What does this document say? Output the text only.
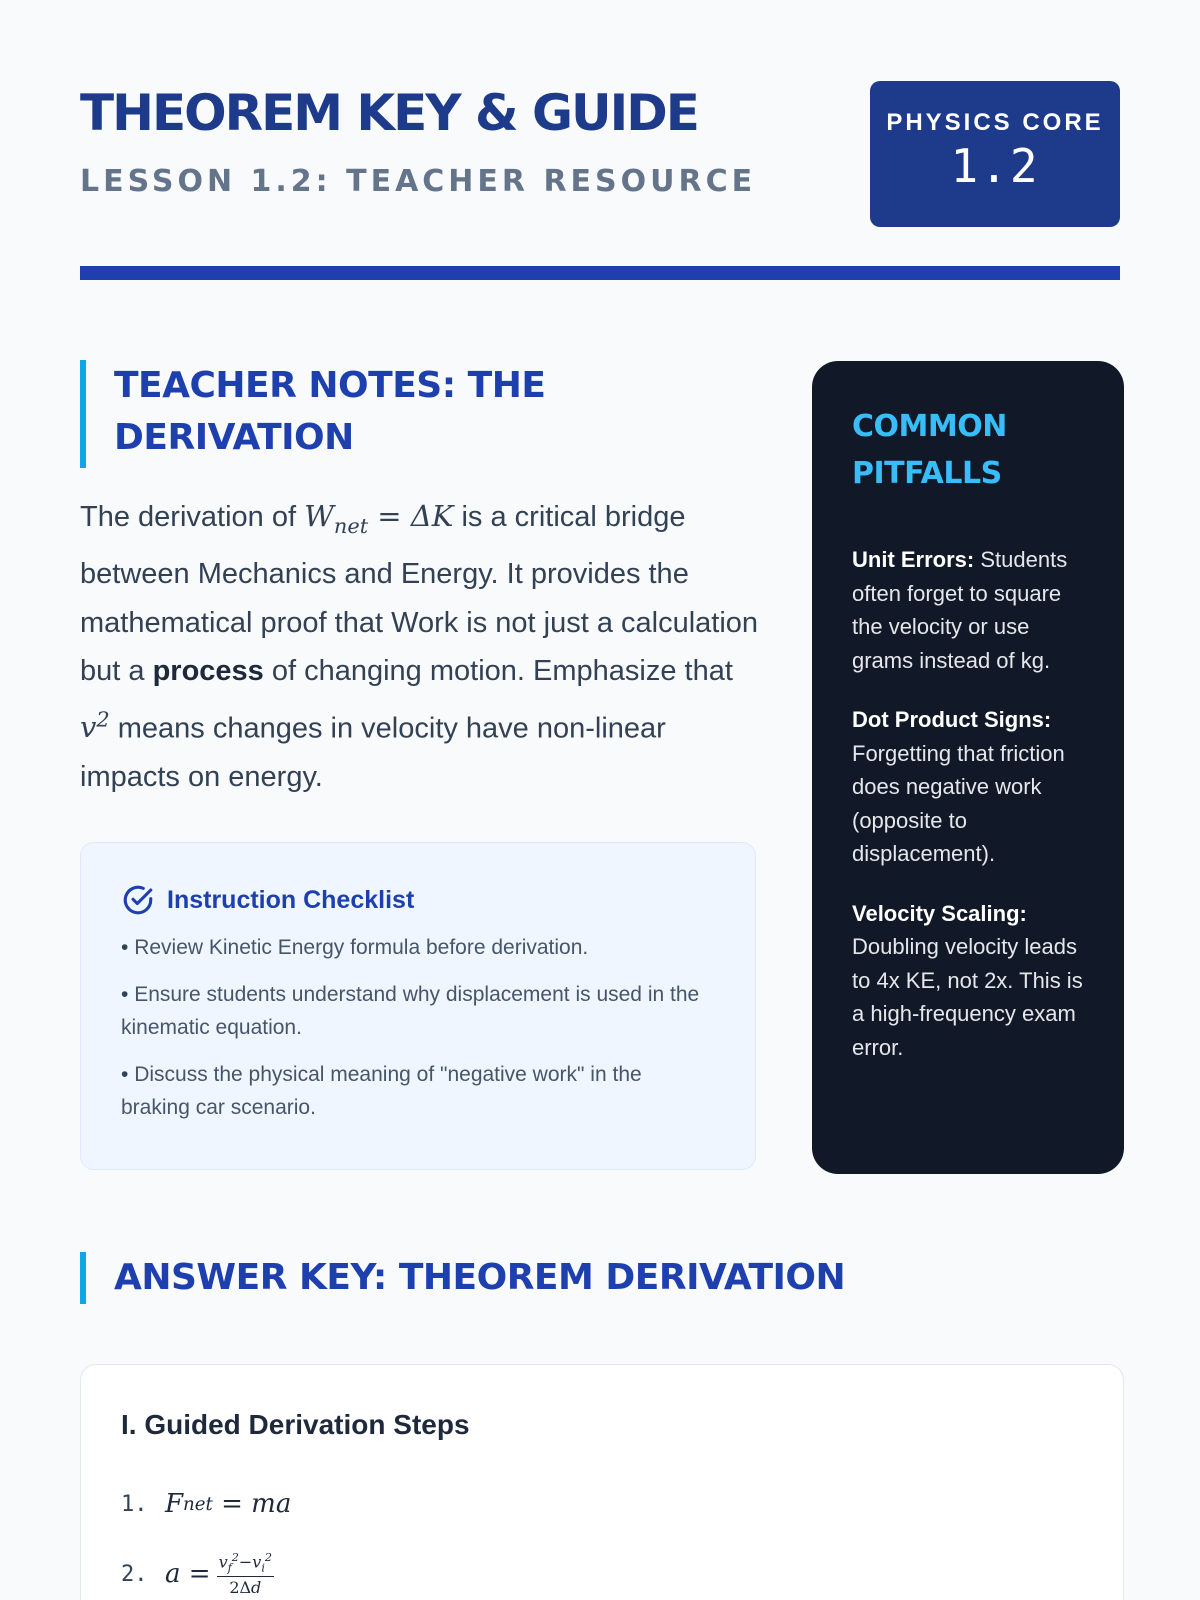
THEOREM KEY & GUIDE
LESSON 1.2: TEACHER RESOURCE
PHYSICS CORE
1.2
TEACHER NOTES: THE
DERIVATION

The derivation of $W_{net} = \Delta K$ is a critical bridge between Mechanics and Energy. It provides the mathematical proof that Work is not just a calculation but a process of changing motion. Emphasize that $v^2$ means changes in velocity have non-linear impacts on energy.

Instruction Checklist
• Review Kinetic Energy formula before derivation.
• Ensure students understand why displacement is used in the kinematic equation.
• Discuss the physical meaning of "negative work" in the braking car scenario.
COMMON
PITFALLS

Unit Errors: Students often forget to square the velocity or use grams instead of kg.

Dot Product Signs: Forgetting that friction does negative work (opposite to displacement).

Velocity Scaling: Doubling velocity leads to 4x KE, not 2x. This is a high-frequency exam error.

ANSWER KEY: THEOREM DERIVATION
I. Guided Derivation Steps
1. F net = ma
2. $a = \frac{v_f^2-v_i^2}{2\Delta d}$
